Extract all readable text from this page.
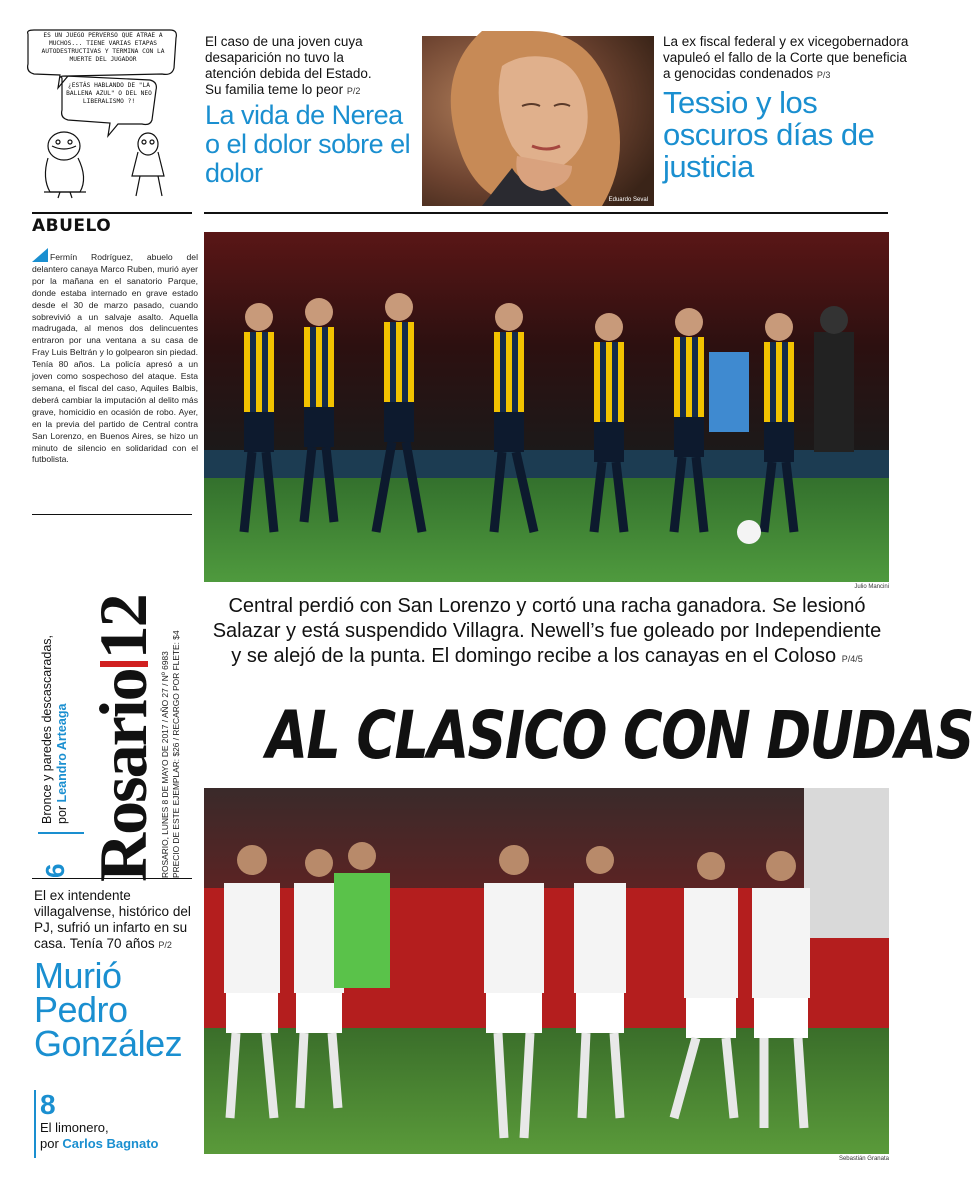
ES UN JUEGO PERVERSO QUE ATRAE A MUCHOS... TIENE VARIAS ETAPAS AUTODESTRUCTIVAS Y TERMINA CON LA MUERTE DEL JUGADOR
¿ESTÁS HABLANDO DE "LA BALLENA AZUL" O DEL NEO LIBERALISMO ?!
El caso de una joven cuya desaparición no tuvo la atención debida del Estado. Su familia teme lo peor P/2
La vida de Nerea o el dolor sobre el dolor
Eduardo Seval
La ex fiscal federal y ex vicegobernadora vapuleó el fallo de la Corte que beneficia a genocidas condenados P/3
Tessio y los oscuros días de justicia
ABUELO
Fermín Rodríguez, abuelo del delantero canaya Marco Ruben, murió ayer por la mañana en el sanatorio Parque, donde estaba internado en grave estado desde el 30 de marzo pasado, cuando sobrevivió a un salvaje asalto. Aquella madrugada, al menos dos delincuentes entraron por una ventana a su casa de Fray Luis Beltrán y lo golpearon sin piedad. Tenía 80 años. La policía apresó a un joven como sospechoso del ataque. Esta semana, el fiscal del caso, Aquiles Balbis, deberá cambiar la imputación al delito más grave, homicidio en ocasión de robo. Ayer, en la previa del partido de Central contra San Lorenzo, en Buenos Aires, se hizo un minuto de silencio en solidaridad con el futbolista.
6
Bronce y paredes descascaradas,
por Leandro Arteaga Rosario12
ROSARIO, LUNES 8 DE MAYO DE 2017 / AÑO 27 / Nº 6983 PRECIO DE ESTE EJEMPLAR: $26 / RECARGO POR FLETE: $4
El ex intendente villagalvense, histórico del PJ, sufrió un infarto en su casa. Tenía 70 años P/2
Murió Pedro González
8
El limonero,
por Carlos Bagnato
Julio Mancini
Central perdió con San Lorenzo y cortó una racha ganadora. Se lesionó Salazar y está suspendido Villagra. Newell’s fue goleado por Independiente y se alejó de la punta. El domingo recibe a los canayas en el Coloso P/4/5
AL CLASICO CON DUDAS
Sebastián Granata
